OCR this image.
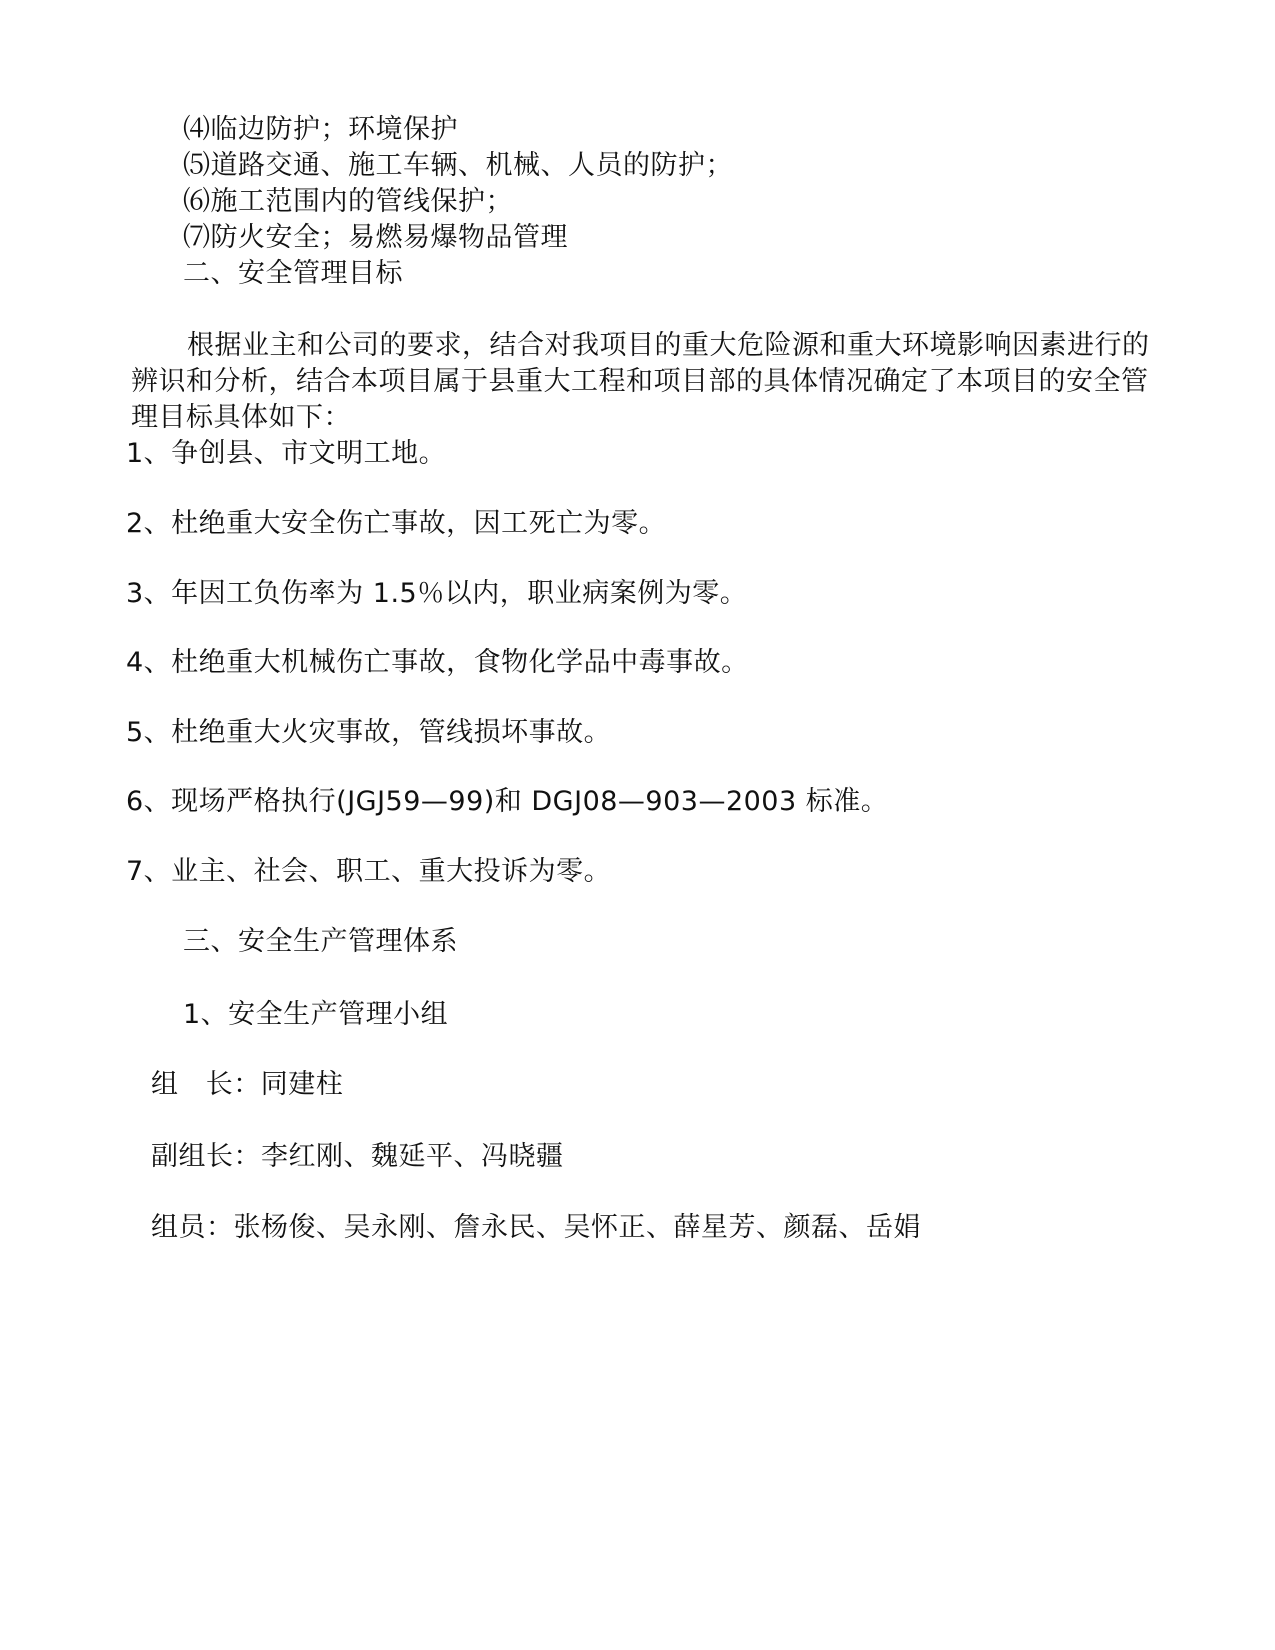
⑷临边防护；环境保护
⑸道路交通、施工车辆、机械、人员的防护；
⑹施工范围内的管线保护；
⑺防火安全；易燃易爆物品管理
二、安全管理目标
根据业主和公司的要求，结合对我项目的重大危险源和重大环境影响因素进行的辨识和分析，结合本项目属于县重大工程和项目部的具体情况确定了本项目的安全管理目标具体如下：
1、争创县、市文明工地。
2、杜绝重大安全伤亡事故，因工死亡为零。
3、年因工负伤率为 1.5％以内，职业病案例为零。
4、杜绝重大机械伤亡事故，食物化学品中毒事故。
5、杜绝重大火灾事故，管线损坏事故。
6、现场严格执行(JGJ59—99)和 DGJ08—903—2003 标准。
7、业主、社会、职工、重大投诉为零。
三、安全生产管理体系
1、安全生产管理小组
组   长：同建柱
副组长：李红刚、魏延平、冯晓疆
组员：张杨俊、吴永刚、詹永民、吴怀正、薛星芳、颜磊、岳娟
